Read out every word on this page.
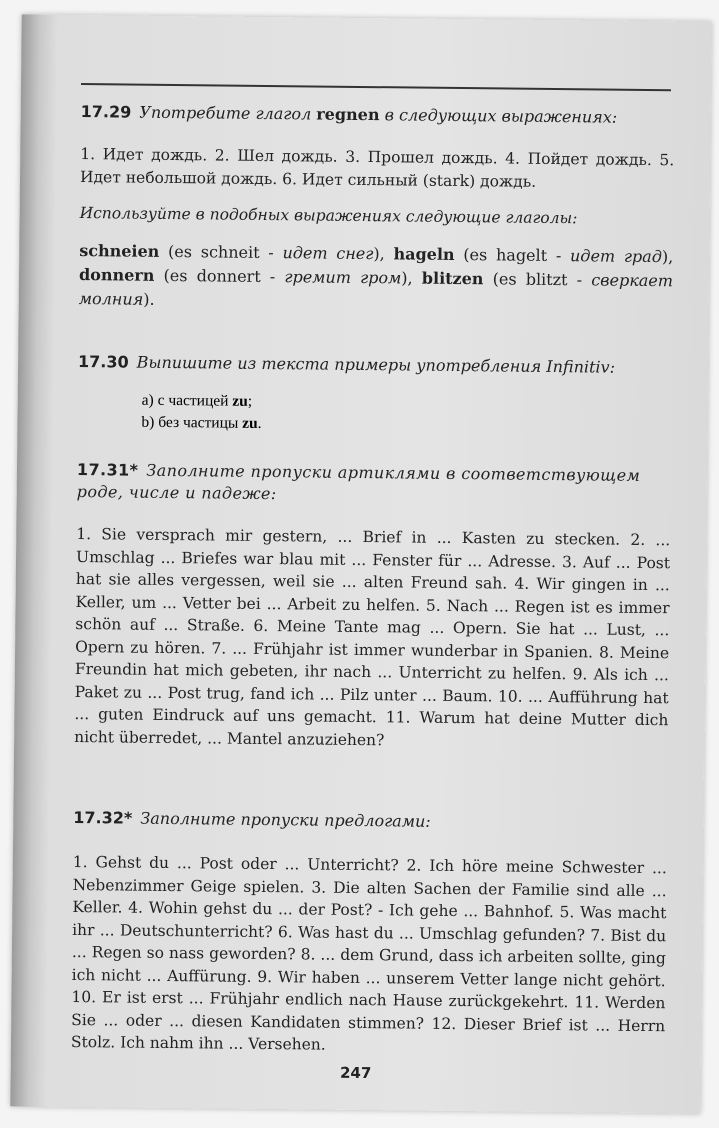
17.29 Употребите глагол regnen в следующих выражениях:

1. Идет дождь. 2. Шел дождь. 3. Прошел дождь. 4. Пойдет дождь. 5. Идет небольшой дождь. 6. Идет сильный (stark) дождь.

Используйте в подобных выражениях следующие глаголы:

schneien (es schneit - идет снег), hageln (es hagelt - идет град), donnern (es donnert - гремит гром), blitzen (es blitzt - сверкает молния).

17.30 Выпишите из текста примеры употребления Infinitiv:

a) с частицей zu;
b) без частицы zu.

17.31* Заполните пропуски артиклями в соответствующем роде, числе и падеже:

1. Sie versprach mir gestern, ... Brief in ... Kasten zu stecken. 2. ... Umschlag ... Briefes war blau mit ... Fenster für ... Adresse. 3. Auf ... Post hat sie alles vergessen, weil sie ... alten Freund sah. 4. Wir gingen in ... Keller, um ... Vetter bei ... Arbeit zu helfen. 5. Nach ... Regen ist es immer schön auf ... Straße. 6. Meine Tante mag ... Opern. Sie hat ... Lust, ... Opern zu hören. 7. ... Frühjahr ist immer wunderbar in Spanien. 8. Meine Freundin hat mich gebeten, ihr nach ... Unterricht zu helfen. 9. Als ich ... Paket zu ... Post trug, fand ich ... Pilz unter ... Baum. 10. ... Aufführung hat ... guten Eindruck auf uns gemacht. 11. Warum hat deine Mutter dich nicht überredet, ... Mantel anzuziehen?

17.32* Заполните пропуски предлогами:

1. Gehst du ... Post oder ... Unterricht? 2. Ich höre meine Schwester ... Nebenzimmer Geige spielen. 3. Die alten Sachen der Familie sind alle ... Keller. 4. Wohin gehst du ... der Post? - Ich gehe ... Bahnhof. 5. Was macht ihr ... Deutschunterricht? 6. Was hast du ... Umschlag gefunden? 7. Bist du ... Regen so nass geworden? 8. ... dem Grund, dass ich arbeiten sollte, ging ich nicht ... Auffürung. 9. Wir haben ... unserem Vetter lange nicht gehört. 10. Er ist erst ... Frühjahr endlich nach Hause zurückgekehrt. 11. Werden Sie ... oder ... diesen Kandidaten stimmen? 12. Dieser Brief ist ... Herrn Stolz. Ich nahm ihn ... Versehen.

247
